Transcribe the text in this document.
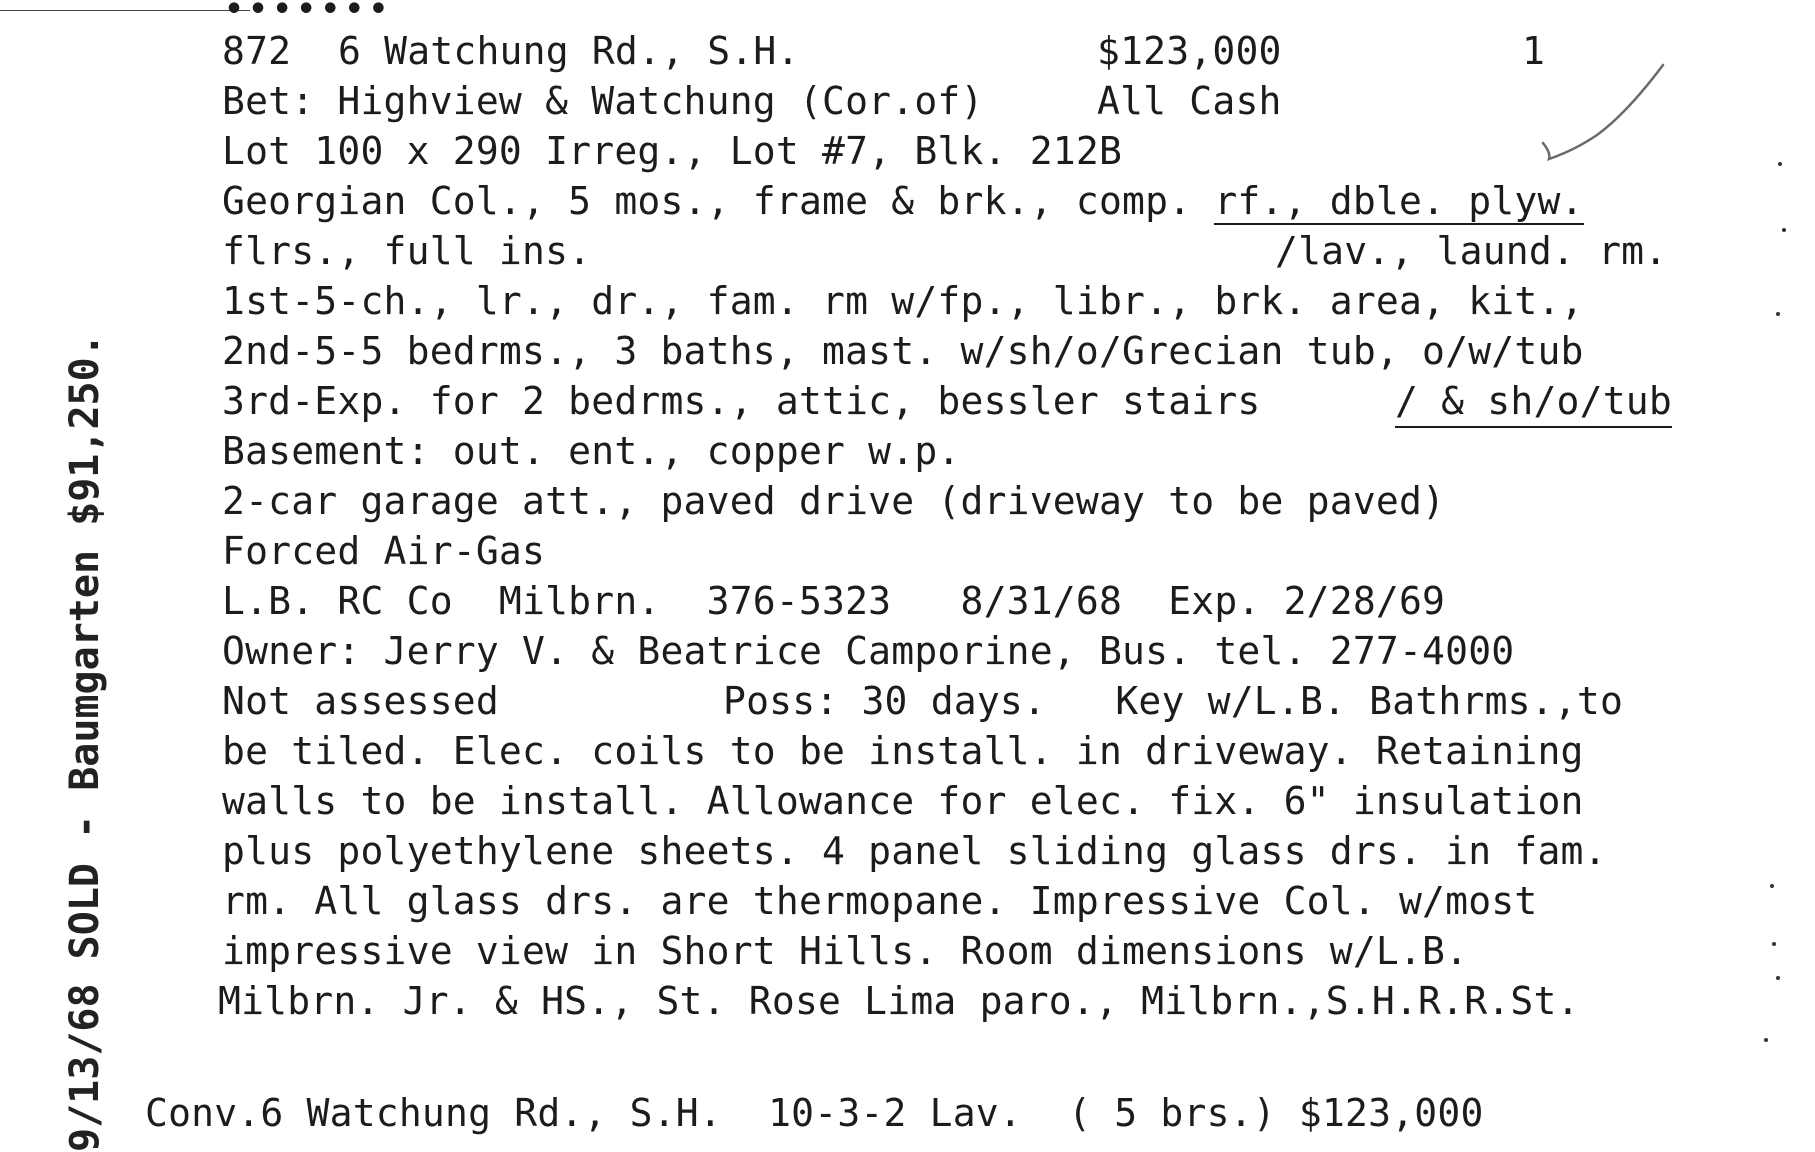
•••••••
872 6 Watchung Rd., S.H.	$123,000	1
Bet: Highview & Watchung (Cor.of)	All Cash
Lot 100 x 290 Irreg., Lot #7, Blk. 212B
Georgian Col., 5 mos., frame & brk., comp. rf., dble. plyw.
flrs., full ins.	/lav., laund. rm.
1st-5-ch., lr., dr., fam. rm w/fp., libr., brk. area, kit.,
2nd-5-5 bedrms., 3 baths, mast. w/sh/o/Grecian tub, o/w/tub
3rd-Exp. for 2 bedrms., attic, bessler stairs	/ & sh/o/tub
Basement: out. ent., copper w.p.
2-car garage att., paved drive (driveway to be paved)
Forced Air-Gas
L.B. RC Co  Milbrn.  376-5323   8/31/68  Exp. 2/28/69
Owner: Jerry V. & Beatrice Camporine, Bus. tel. 277-4000
Not assessed	Poss: 30 days.   Key w/L.B. Bathrms.,to
be tiled. Elec. coils to be install. in driveway. Retaining
walls to be install. Allowance for elec. fix. 6" insulation
plus polyethylene sheets. 4 panel sliding glass drs. in fam.
rm. All glass drs. are thermopane. Impressive Col. w/most
impressive view in Short Hills. Room dimensions w/L.B.
Milbrn. Jr. & HS., St. Rose Lima paro., Milbrn.,S.H.R.R.St.
Conv.6 Watchung Rd., S.H.  10-3-2 Lav.  ( 5 brs.) $123,000
9/13/68 SOLD - Baumgarten $91,250.
